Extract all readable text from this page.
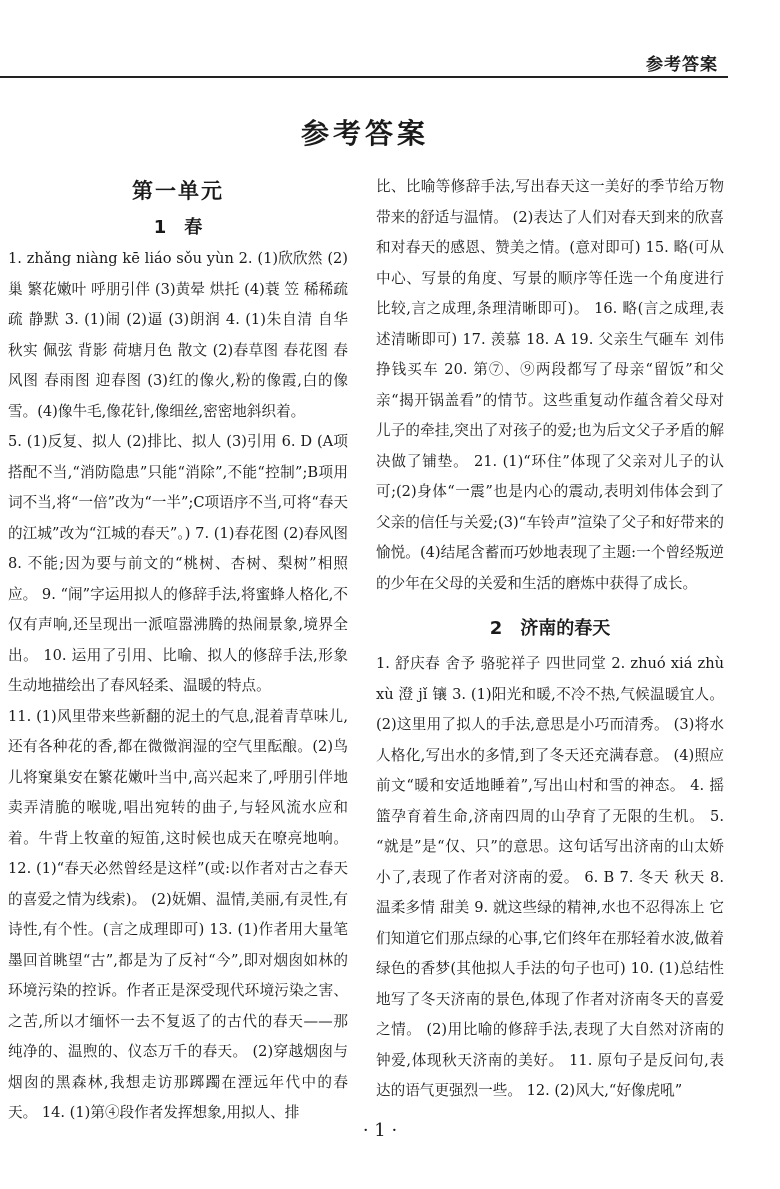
参考答案
参考答案
第一单元
1 春

1. zhǎng niàng kē liáo sǒu yùn 2. (1)欣欣然 (2)巢 繁花嫩叶 呼朋引伴 (3)黄晕 烘托 (4)蓑 笠 稀稀疏疏 静默 3. (1)闹 (2)逼 (3)朗润 4. (1)朱自清 自华 秋实 佩弦 背影 荷塘月色 散文 (2)春草图 春花图 春风图 春雨图 迎春图 (3)红的像火,粉的像霞,白的像雪。(4)像牛毛,像花针,像细丝,密密地斜织着。

5. (1)反复、拟人 (2)排比、拟人 (3)引用 6. D (A项搭配不当,“消防隐患”只能“消除”,不能“控制”;B项用词不当,将“一倍”改为“一半”;C项语序不当,可将“春天的江城”改为“江城的春天”。) 7. (1)春花图 (2)春风图 8. 不能;因为要与前文的“桃树、杏树、梨树”相照应。 9. “闹”字运用拟人的修辞手法,将蜜蜂人格化,不仅有声响,还呈现出一派喧嚣沸腾的热闹景象,境界全出。 10. 运用了引用、比喻、拟人的修辞手法,形象生动地描绘出了春风轻柔、温暖的特点。

11. (1)风里带来些新翻的泥土的气息,混着青草味儿,还有各种花的香,都在微微润湿的空气里酝酿。(2)鸟儿将窠巢安在繁花嫩叶当中,高兴起来了,呼朋引伴地卖弄清脆的喉咙,唱出宛转的曲子,与轻风流水应和着。牛背上牧童的短笛,这时候也成天在嘹亮地响。 12. (1)“春天必然曾经是这样”(或:以作者对古之春天的喜爱之情为线索)。 (2)妩媚、温情,美丽,有灵性,有诗性,有个性。(言之成理即可) 13. (1)作者用大量笔墨回首眺望“古”,都是为了反衬“今”,即对烟囱如林的环境污染的控诉。作者正是深受现代环境污染之害、之苦,所以才缅怀一去不复返了的古代的春天——那纯净的、温煦的、仪态万千的春天。 (2)穿越烟囱与烟囱的黑森林,我想走访那踯躅在湮远年代中的春天。 14. (1)第④段作者发挥想象,用拟人、排

比、比喻等修辞手法,写出春天这一美好的季节给万物带来的舒适与温情。 (2)表达了人们对春天到来的欣喜和对春天的感恩、赞美之情。(意对即可) 15. 略(可从中心、写景的角度、写景的顺序等任选一个角度进行比较,言之成理,条理清晰即可)。 16. 略(言之成理,表述清晰即可) 17. 羡慕 18. A 19. 父亲生气砸车 刘伟挣钱买车 20. 第⑦、⑨两段都写了母亲“留饭”和父亲“揭开锅盖看”的情节。这些重复动作蕴含着父母对儿子的牵挂,突出了对孩子的爱;也为后文父子矛盾的解决做了铺垫。 21. (1)“环住”体现了父亲对儿子的认可;(2)身体“一震”也是内心的震动,表明刘伟体会到了父亲的信任与关爱;(3)“车铃声”渲染了父子和好带来的愉悦。(4)结尾含蓄而巧妙地表现了主题:一个曾经叛逆的少年在父母的关爱和生活的磨炼中获得了成长。

2 济南的春天

1. 舒庆春 舍予 骆驼祥子 四世同堂 2. zhuó xiá zhù xù 澄 jǐ 镶 3. (1)阳光和暖,不冷不热,气候温暖宜人。 (2)这里用了拟人的手法,意思是小巧而清秀。 (3)将水人格化,写出水的多情,到了冬天还充满春意。 (4)照应前文“暖和安适地睡着”,写出山村和雪的神态。 4. 摇篮孕育着生命,济南四周的山孕育了无限的生机。 5. “就是”是“仅、只”的意思。这句话写出济南的山太娇小了,表现了作者对济南的爱。 6. B 7. 冬天 秋天 8. 温柔多情 甜美 9. 就这些绿的精神,水也不忍得冻上 它们知道它们那点绿的心事,它们终年在那轻着水波,做着绿色的香梦(其他拟人手法的句子也可) 10. (1)总结性地写了冬天济南的景色,体现了作者对济南冬天的喜爱之情。 (2)用比喻的修辞手法,表现了大自然对济南的钟爱,体现秋天济南的美好。 11. 原句子是反问句,表达的语气更强烈一些。 12. (2)风大,“好像虎吼”

· 1 ·
